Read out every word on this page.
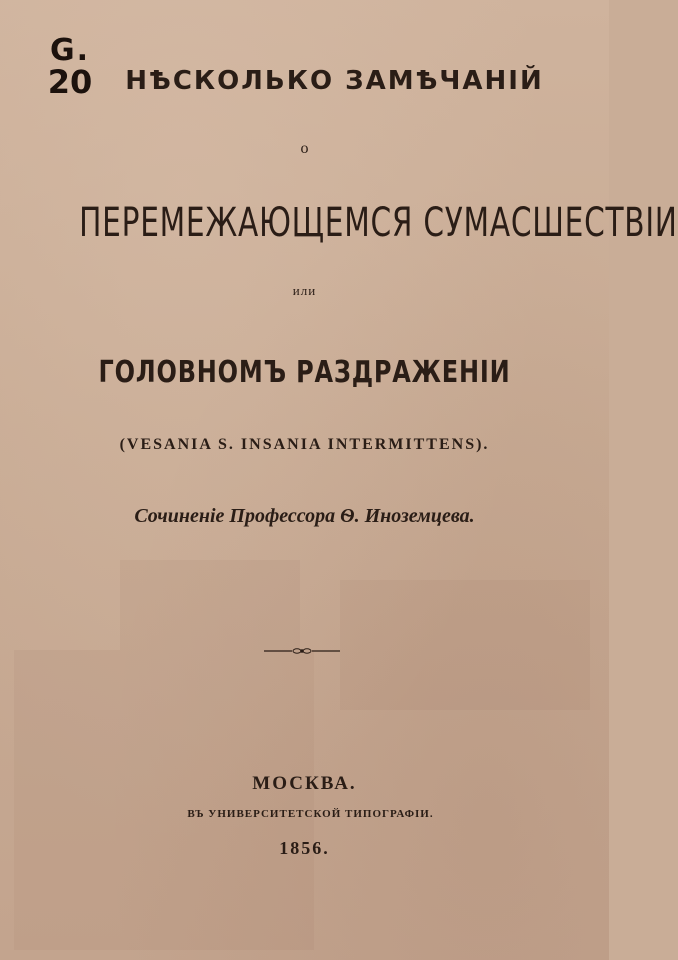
G.
20	НѢСКОЛЬКО ЗАМѢЧАНІЙ
о
ПЕРЕМЕЖАЮЩЕМСЯ СУМАСШЕСТВІИ
или
ГОЛОВНОМЪ РАЗДРАЖЕНІИ
(VESANIA S. INSANIA INTERMITTENS).
Сочиненіе Профессора Ѳ. Иноземцева.
МОСКВА.
ВЪ УНИВЕРСИТЕТСКОЙ ТИПОГРАФІИ.
1856.
